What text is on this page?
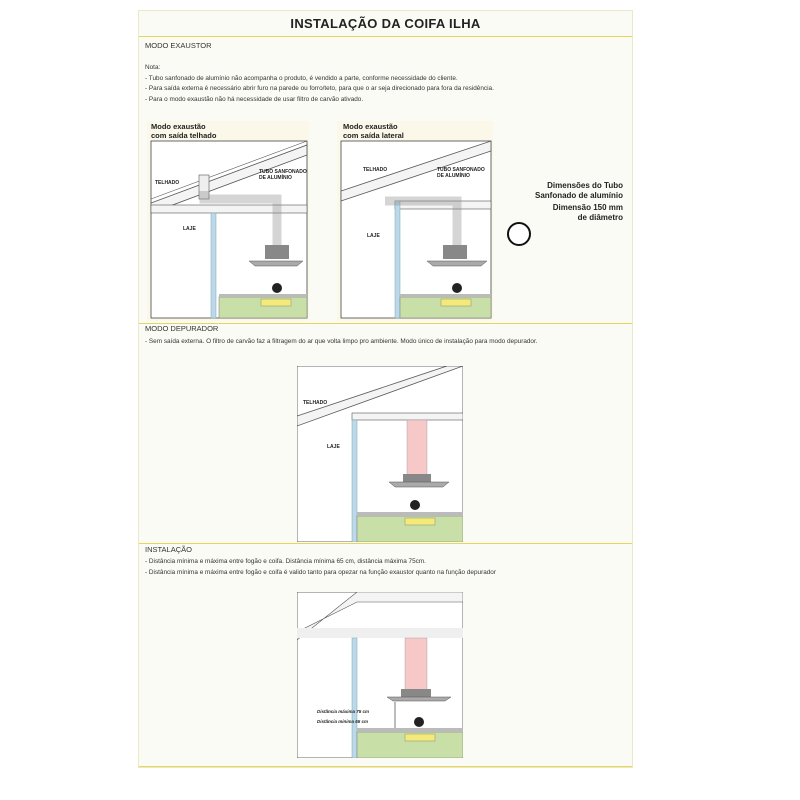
INSTALAÇÃO DA COIFA ILHA
MODO EXAUSTOR
Nota:
- Tubo sanfonado de alumínio não acompanha o produto, é vendido a parte, conforme necessidade do cliente.
- Para saída externa é necessário abrir furo na parede ou forro/teto, para que o ar seja direcionado para fora da residência.
- Para o modo exaustão não há necessidade de usar filtro de carvão ativado.
Modo exaustão
com saída telhado
TELHADO
TUBO SANFONADO
DE ALUMÍNIO
LAJE
Modo exaustão
com saída lateral
TELHADO	TUBO SANFONADO
DE ALUMÍNIO
LAJE
Dimensões do Tubo
Sanfonado de alumínio
Dimensão 150 mm
de diâmetro
MODO DEPURADOR
- Sem saída externa. O filtro de carvão faz a filtragem do ar que volta limpo pro ambiente. Modo único de instalação para modo depurador.
TELHADO
LAJE
INSTALAÇÃO
- Distância mínima e máxima entre fogão e coifa. Distância mínima 65 cm, distância máxima 75cm.
- Distância mínima e máxima entre fogão e coifa é valido tanto para opezar na função exaustor quanto na função depurador
Distância máxima 75 cm
Distância mínima 65 cm
